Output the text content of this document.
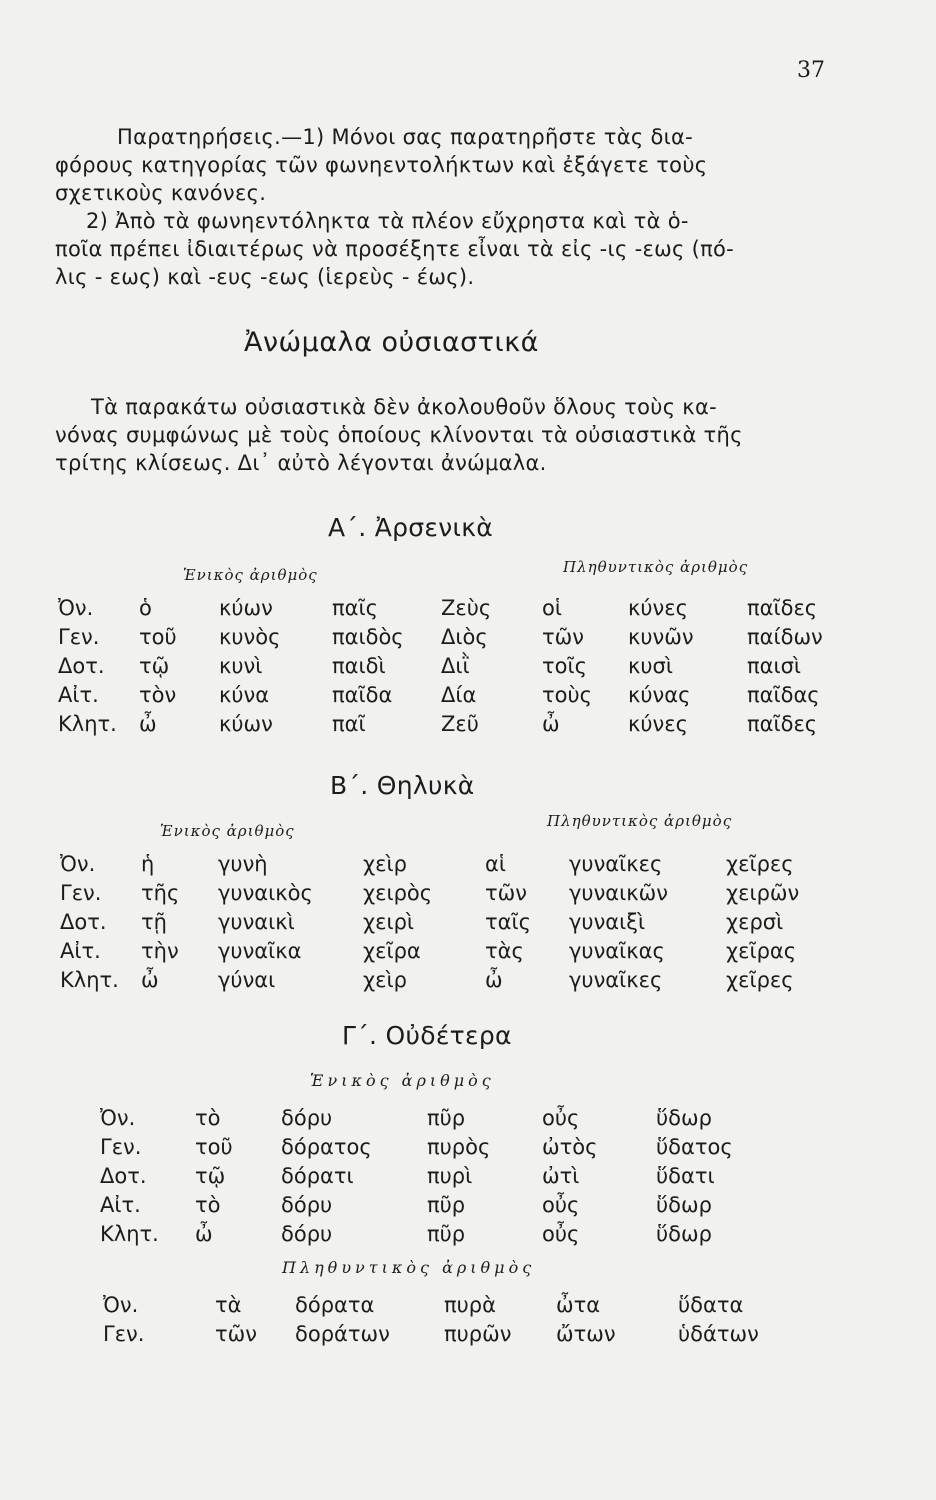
37

Παρατηρήσεις.—1) Μόνοι σας παρατηρῆστε τὰς δια-

φόρους κατηγορίας τῶν φωνηεντολήκτων καὶ ἐξάγετε τοὺς

σχετικοὺς κανόνες.

2) Ἀπὸ τὰ φωνηεντόληκτα τὰ πλέον εὔχρηστα καὶ τὰ ὁ-

ποῖα πρέπει ἰδιαιτέρως νὰ προσέξητε εἶναι τὰ εἰς -ις -εως (πό-

λις - εως) καὶ -ευς -εως (ἱερεὺς - έως).

Ἀνώμαλα οὐσιαστικά

Τὰ παρακάτω οὐσιαστικὰ δὲν ἀκολουθοῦν ὅλους τοὺς κα-

νόνας συμφώνως μὲ τοὺς ὁποίους κλίνονται τὰ οὐσιαστικὰ τῆς

τρίτης κλίσεως. Δι᾽ αὐτὸ λέγονται ἀνώμαλα.

Α΄. Ἀρσενικὰ
Ἑνικὸς ἀριθμὸς	Πληθυντικὸς ἀριθμὸς
Ὀν.	ὁ	κύων	παῖς	Ζεὺς	οἱ	κύνες	παῖδες
Γεν.	τοῦ	κυνὸς	παιδὸς	Διὸς	τῶν	κυνῶν	παίδων
Δοτ.	τῷ	κυνὶ	παιδὶ	Διῒ	τοῖς	κυσὶ	παισὶ
Αἰτ.	τὸν	κύνα	παῖδα	Δία	τοὺς	κύνας	παῖδας
Κλητ.	ὦ	κύων	παῖ	Ζεῦ	ὦ	κύνες	παῖδες
Β΄. Θηλυκὰ
Ἑνικὸς ἀριθμὸς
Πληθυντικὸς ἀριθμὸς
Ὀν.	ἡ	γυνὴ	χεὶρ	αἱ	γυναῖκες	χεῖρες
Γεν.	τῆς	γυναικὸς	χειρὸς	τῶν	γυναικῶν	χειρῶν
Δοτ.	τῇ	γυναικὶ	χειρὶ	ταῖς	γυναιξὶ	χερσὶ
Αἰτ.	τὴν	γυναῖκα	χεῖρα	τὰς	γυναῖκας	χεῖρας
Κλητ.	ὦ	γύναι	χεὶρ	ὦ	γυναῖκες	χεῖρες
Γ΄. Οὐδέτερα
Ἑνικὸς ἀριθμὸς
Ὀν.	τὸ	δόρυ	πῦρ	οὖς	ὕδωρ
Γεν.	τοῦ	δόρατος	πυρὸς	ὠτὸς	ὕδατος
Δοτ.	τῷ	δόρατι	πυρὶ	ὠτὶ	ὕδατι
Αἰτ.	τὸ	δόρυ	πῦρ	οὖς	ὕδωρ
Κλητ.	ὦ	δόρυ	πῦρ	οὖς	ὕδωρ
Πληθυντικὸς ἀριθμὸς
Ὀν.	τὰ	δόρατα	πυρὰ	ὦτα	ὕδατα
Γεν.	τῶν	δοράτων	πυρῶν	ὤτων	ὑδάτων
